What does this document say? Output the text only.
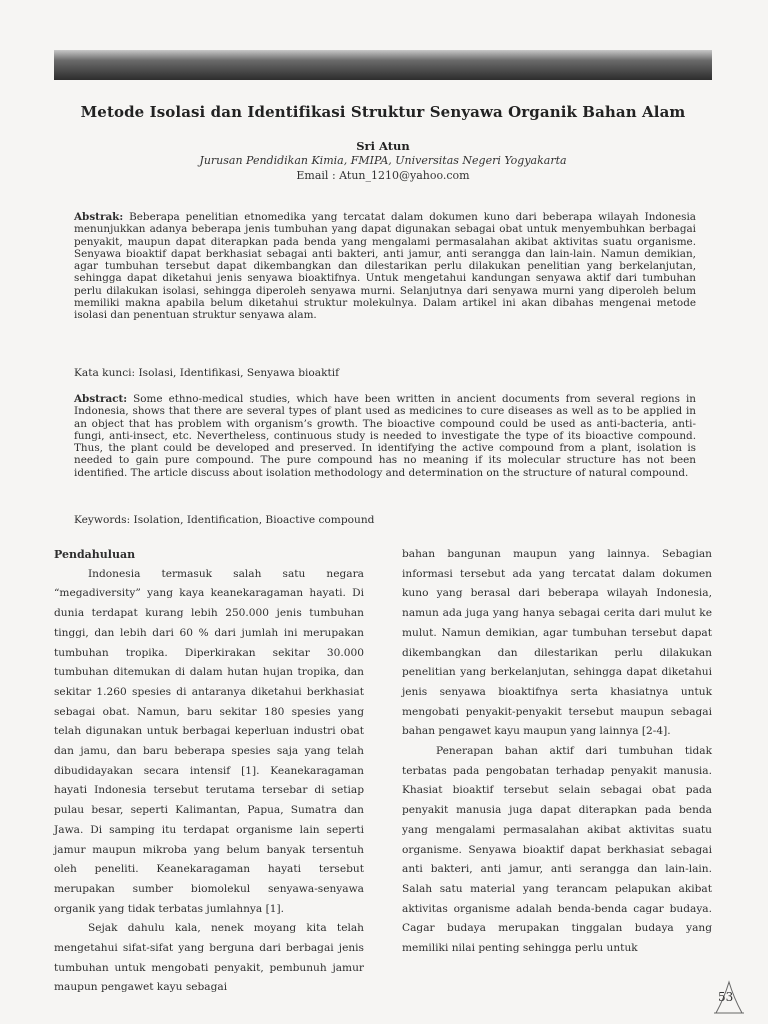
Metode Isolasi dan Identifikasi Struktur Senyawa Organik Bahan Alam
Sri Atun
Jurusan Pendidikan Kimia, FMIPA, Universitas Negeri Yogyakarta
Email : Atun_1210@yahoo.com
Abstrak: Beberapa penelitian etnomedika yang tercatat dalam dokumen kuno dari beberapa wilayah Indonesia menunjukkan adanya beberapa jenis tumbuhan yang dapat digunakan sebagai obat untuk menyembuhkan berbagai penyakit, maupun dapat diterapkan pada benda yang mengalami permasalahan akibat aktivitas suatu organisme. Senyawa bioaktif dapat berkhasiat sebagai anti bakteri, anti jamur, anti serangga dan lain-lain. Namun demikian, agar tumbuhan tersebut dapat dikembangkan dan dilestarikan perlu dilakukan penelitian yang berkelanjutan, sehingga dapat diketahui jenis senyawa bioaktifnya. Untuk mengetahui kandungan senyawa aktif dari tumbuhan perlu dilakukan isolasi, sehingga diperoleh senyawa murni. Selanjutnya dari senyawa murni yang diperoleh belum memiliki makna apabila belum diketahui struktur molekulnya. Dalam artikel ini akan dibahas mengenai metode isolasi dan penentuan struktur senyawa alam.
Kata kunci: Isolasi, Identifikasi, Senyawa bioaktif
Abstract: Some ethno-medical studies, which have been written in ancient documents from several regions in Indonesia, shows that there are several types of plant used as medicines to cure diseases as well as to be applied in an object that has problem with organism’s growth. The bioactive compound could be used as anti-bacteria, anti-fungi, anti-insect, etc. Nevertheless, continuous study is needed to investigate the type of its bioactive compound. Thus, the plant could be developed and preserved. In identifying the active compound from a plant, isolation is needed to gain pure compound. The pure compound has no meaning if its molecular structure has not been identified. The article discuss about isolation methodology and determination on the structure of natural compound.
Keywords: Isolation, Identification, Bioactive compound

Pendahuluan

Indonesia termasuk salah satu negara “megadiversity” yang kaya keanekaragaman hayati. Di dunia terdapat kurang lebih 250.000 jenis tumbuhan tinggi, dan lebih dari 60 % dari jumlah ini merupakan tumbuhan tropika. Diperkirakan sekitar 30.000 tumbuhan ditemukan di dalam hutan hujan tropika, dan sekitar 1.260 spesies di antaranya diketahui berkhasiat sebagai obat. Namun, baru sekitar 180 spesies yang telah digunakan untuk berbagai keperluan industri obat dan jamu, dan baru beberapa spesies saja yang telah dibudidayakan secara intensif [1]. Keanekaragaman hayati Indonesia tersebut terutama tersebar di setiap pulau besar, seperti Kalimantan, Papua, Sumatra dan Jawa. Di samping itu terdapat organisme lain seperti jamur maupun mikroba yang belum banyak tersentuh oleh peneliti. Keanekaragaman hayati tersebut merupakan sumber biomolekul senyawa-senyawa organik yang tidak terbatas jumlahnya [1].

Sejak dahulu kala, nenek moyang kita telah mengetahui sifat-sifat yang berguna dari berbagai jenis tumbuhan untuk mengobati penyakit, pembunuh jamur maupun pengawet kayu sebagai

bahan bangunan maupun yang lainnya. Sebagian informasi tersebut ada yang tercatat dalam dokumen kuno yang berasal dari beberapa wilayah Indonesia, namun ada juga yang hanya sebagai cerita dari mulut ke mulut. Namun demikian, agar tumbuhan tersebut dapat dikembangkan dan dilestarikan perlu dilakukan penelitian yang berkelanjutan, sehingga dapat diketahui jenis senyawa bioaktifnya serta khasiatnya untuk mengobati penyakit-penyakit tersebut maupun sebagai bahan pengawet kayu maupun yang lainnya [2-4].

Penerapan bahan aktif dari tumbuhan tidak terbatas pada pengobatan terhadap penyakit manusia. Khasiat bioaktif tersebut selain sebagai obat pada penyakit manusia juga dapat diterapkan pada benda yang mengalami permasalahan akibat aktivitas suatu organisme. Senyawa bioaktif dapat berkhasiat sebagai anti bakteri, anti jamur, anti serangga dan lain-lain. Salah satu material yang terancam pelapukan akibat aktivitas organisme adalah benda-benda cagar budaya. Cagar budaya merupakan tinggalan budaya yang memiliki nilai penting sehingga perlu untuk

53
